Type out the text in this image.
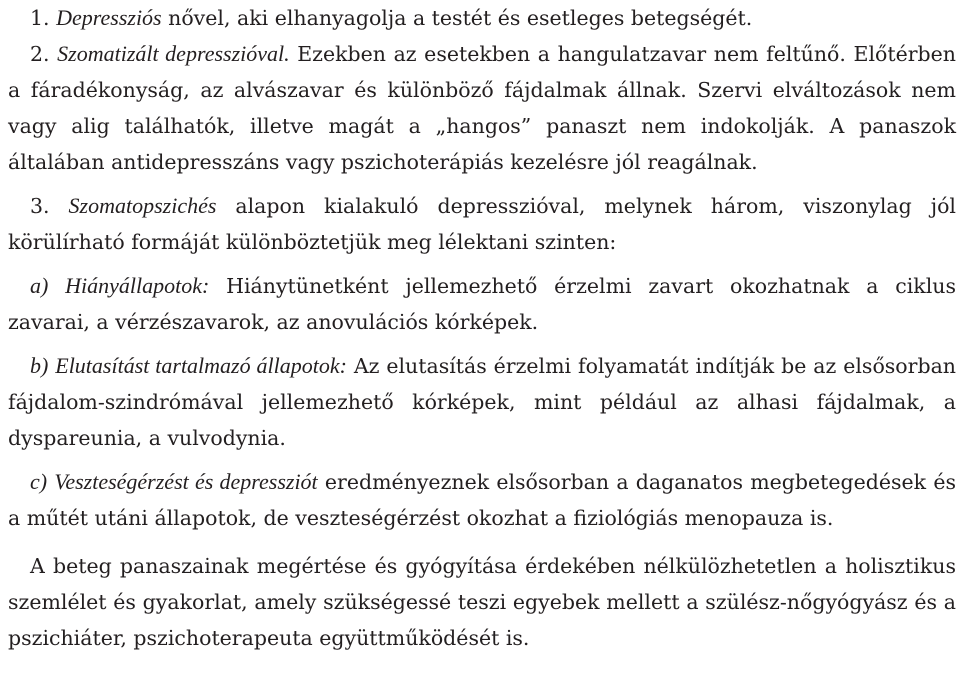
1. Depressziós nővel, aki elhanyagolja a testét és esetleges betegségét.

2. Szomatizált depresszióval. Ezekben az esetekben a hangulatzavar nem feltűnő. Előtérben a fáradékonyság, az alvászavar és különböző fájdalmak állnak. Szervi elváltozások nem vagy alig találhatók, illetve magát a „hangos” panaszt nem indokolják. A panaszok általában antidepresszáns vagy pszichoterápiás kezelésre jól reagálnak.

3. Szomatopszichés alapon kialakuló depresszióval, melynek három, viszonylag jól körülírható formáját különböztetjük meg lélektani szinten:

a) Hiányállapotok: Hiánytünetként jellemezhető érzelmi zavart okozhatnak a ciklus zavarai, a vérzészavarok, az anovulációs kórképek.

b) Elutasítást tartalmazó állapotok: Az elutasítás érzelmi folyamatát indítják be az elsősorban fájdalom-szindrómával jellemezhető kórképek, mint például az alhasi fájdalmak, a dyspareunia, a vulvodynia.

c) Veszteségérzést és depressziót eredményeznek elsősorban a daganatos megbetegedések és a műtét utáni állapotok, de veszteségérzést okozhat a fiziológiás menopauza is.

A beteg panaszainak megértése és gyógyítása érdekében nélkülözhetetlen a holisztikus szemlélet és gyakorlat, amely szükségessé teszi egyebek mellett a szülész-nőgyógyász és a pszichiáter, pszichoterapeuta együttműködését is.
